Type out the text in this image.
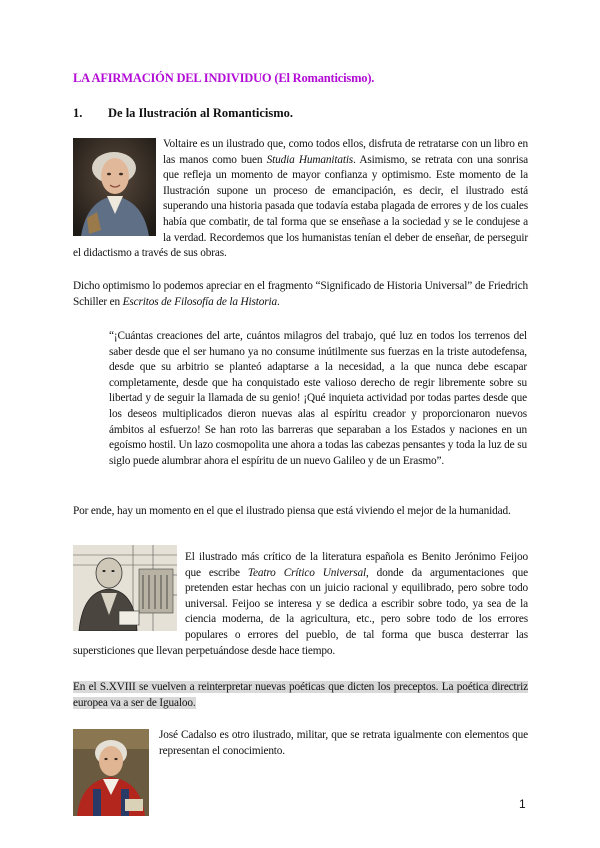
LA AFIRMACIÓN DEL INDIVIDUO (El Romanticismo).
1. De la Ilustración al Romanticismo.

Voltaire es un ilustrado que, como todos ellos, disfruta de retratarse con un libro en las manos como buen Studia Humanitatis. Asimismo, se retrata con una sonrisa que refleja un momento de mayor confianza y optimismo. Este momento de la Ilustración supone un proceso de emancipación, es decir, el ilustrado está superando una historia pasada que todavía estaba plagada de errores y de los cuales había que combatir, de tal forma que se enseñase a la sociedad y se le condujese a la verdad. Recordemos que los humanistas tenían el deber de enseñar, de perseguir el didactismo a través de sus obras.

Dicho optimismo lo podemos apreciar en el fragmento “Significado de Historia Universal” de Friedrich Schiller en Escritos de Filosofía de la Historia.

“¡Cuántas creaciones del arte, cuántos milagros del trabajo, qué luz en todos los terrenos del saber desde que el ser humano ya no consume inútilmente sus fuerzas en la triste autodefensa, desde que su arbitrio se planteó adaptarse a la necesidad, a la que nunca debe escapar completamente, desde que ha conquistado este valioso derecho de regir libremente sobre su libertad y de seguir la llamada de su genio! ¡Qué inquieta actividad por todas partes desde que los deseos multiplicados dieron nuevas alas al espíritu creador y proporcionaron nuevos ámbitos al esfuerzo! Se han roto las barreras que separaban a los Estados y naciones en un egoísmo hostil. Un lazo cosmopolita une ahora a todas las cabezas pensantes y toda la luz de su siglo puede alumbrar ahora el espíritu de un nuevo Galileo y de un Erasmo”.

Por ende, hay un momento en el que el ilustrado piensa que está viviendo el mejor de la humanidad.

El ilustrado más crítico de la literatura española es Benito Jerónimo Feijoo que escribe Teatro Crítico Universal, donde da argumentaciones que pretenden estar hechas con un juicio racional y equilibrado, pero sobre todo universal. Feijoo se interesa y se dedica a escribir sobre todo, ya sea de la ciencia moderna, de la agricultura, etc., pero sobre todo de los errores populares o errores del pueblo, de tal forma que busca desterrar las supersticiones que llevan perpetuándose desde hace tiempo.

En el S.XVIII se vuelven a reinterpretar nuevas poéticas que dicten los preceptos. La poética directriz europea va a ser de Igualoo.

José Cadalso es otro ilustrado, militar, que se retrata igualmente con elementos que representan el conocimiento.

1
